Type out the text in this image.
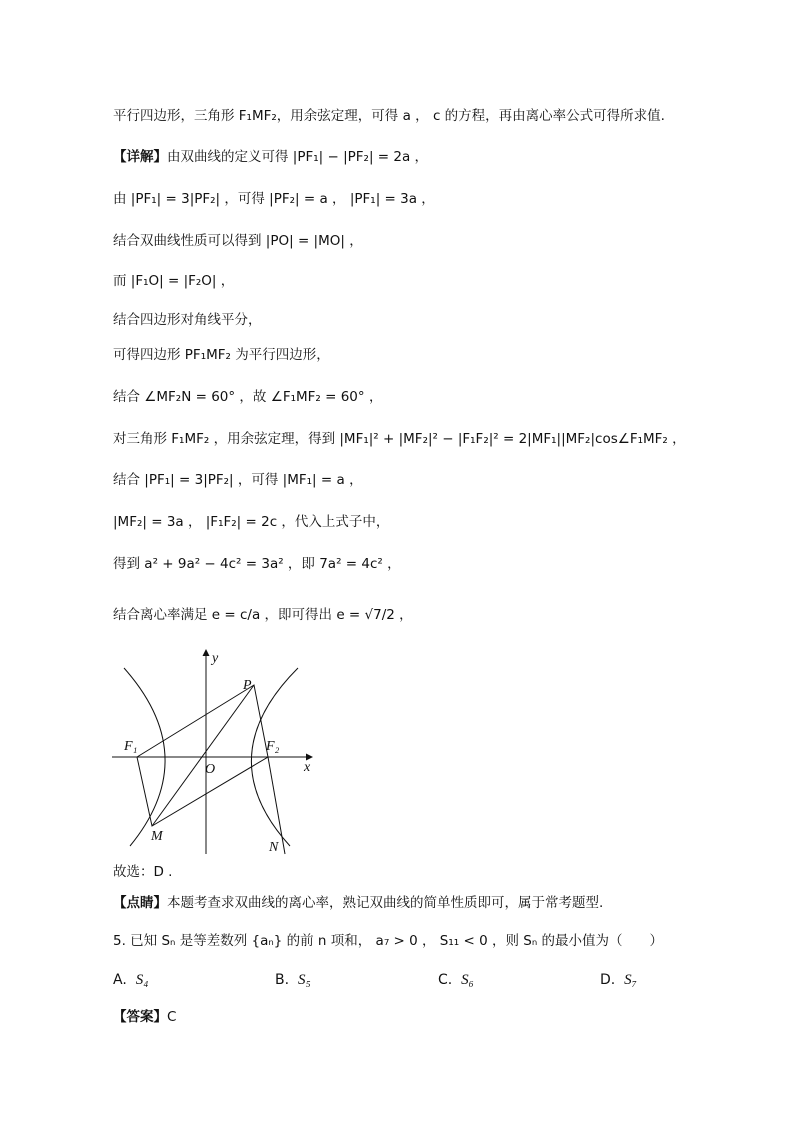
平行四边形，三角形 F₁MF₂，用余弦定理，可得 a ， c 的方程，再由离心率公式可得所求值.
【详解】由双曲线的定义可得 |PF₁| − |PF₂| = 2a ，
由 |PF₁| = 3|PF₂| ，可得 |PF₂| = a ， |PF₁| = 3a ，
结合双曲线性质可以得到 |PO| = |MO| ，
而 |F₁O| = |F₂O| ，
结合四边形对角线平分，
可得四边形 PF₁MF₂ 为平行四边形，
结合 ∠MF₂N = 60° ，故 ∠F₁MF₂ = 60° ，
对三角形 F₁MF₂ ，用余弦定理，得到 |MF₁|² + |MF₂|² − |F₁F₂|² = 2|MF₁||MF₂|cos∠F₁MF₂ ，
结合 |PF₁| = 3|PF₂| ，可得 |MF₁| = a ，
|MF₂| = 3a ， |F₁F₂| = 2c ，代入上式子中，
得到 a² + 9a² − 4c² = 3a² ，即 7a² = 4c² ，
结合离心率满足 e = c/a ，即可得出 e = √7/2 ，
y
x
P
F₁	F₂
O
M
N
故选：D .
【点睛】本题考查求双曲线的离心率，熟记双曲线的简单性质即可，属于常考题型.
5. 已知 Sₙ 是等差数列 {aₙ} 的前 n 项和， a₇ > 0 ， S₁₁ < 0 ，则 Sₙ 的最小值为（　　）
A. S₄	B. S₅	C. S₆	D. S₇
【答案】C
